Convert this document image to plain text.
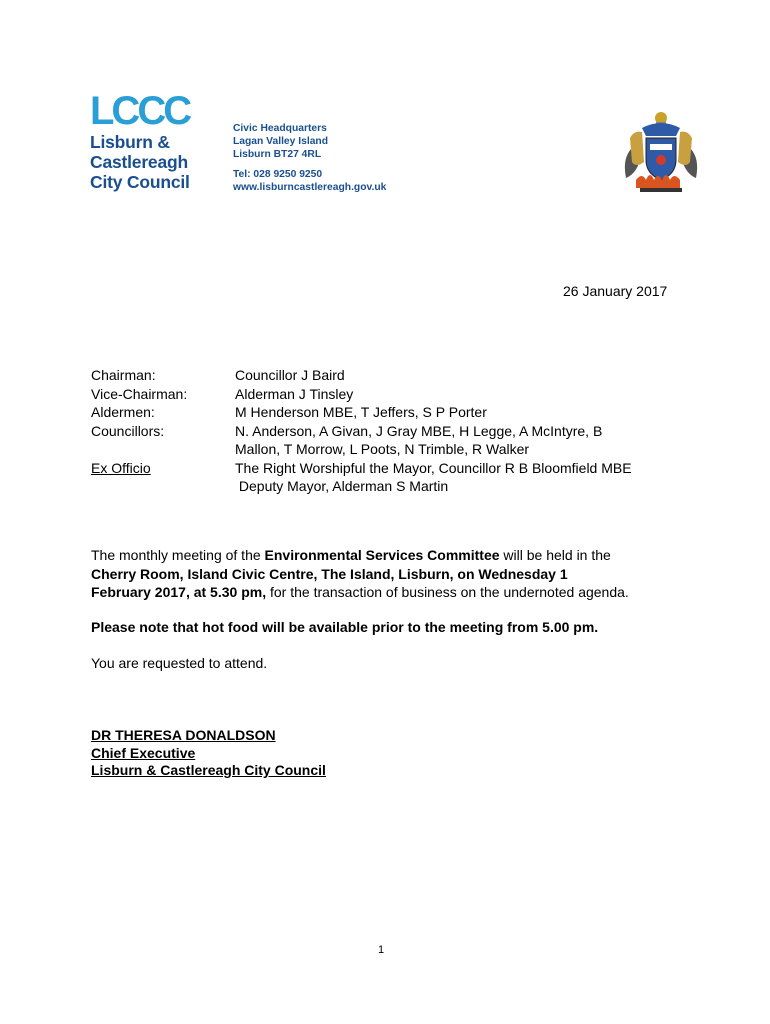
LCCC
Lisburn &
Castlereagh
City Council
Civic Headquarters
Lagan Valley Island
Lisburn BT27 4RL
Tel: 028 9250 9250
www.lisburncastlereagh.gov.uk
26 January 2017
Chairman:
Vice-Chairman:
Aldermen:
Councillors:

Ex Officio
Councillor J Baird
Alderman J Tinsley
M Henderson MBE, T Jeffers, S P Porter
N. Anderson, A Givan, J Gray MBE, H Legge, A McIntyre, B
Mallon, T Morrow, L Poots, N Trimble, R Walker
The Right Worshipful the Mayor, Councillor R B Bloomfield MBE
Deputy Mayor, Alderman S Martin
The monthly meeting of the Environmental Services Committee will be held in the
Cherry Room, Island Civic Centre, The Island, Lisburn, on Wednesday 1
February 2017, at 5.30 pm, for the transaction of business on the undernoted agenda.
Please note that hot food will be available prior to the meeting from 5.00 pm.
You are requested to attend.
DR THERESA DONALDSON
Chief Executive
Lisburn & Castlereagh City Council
1
